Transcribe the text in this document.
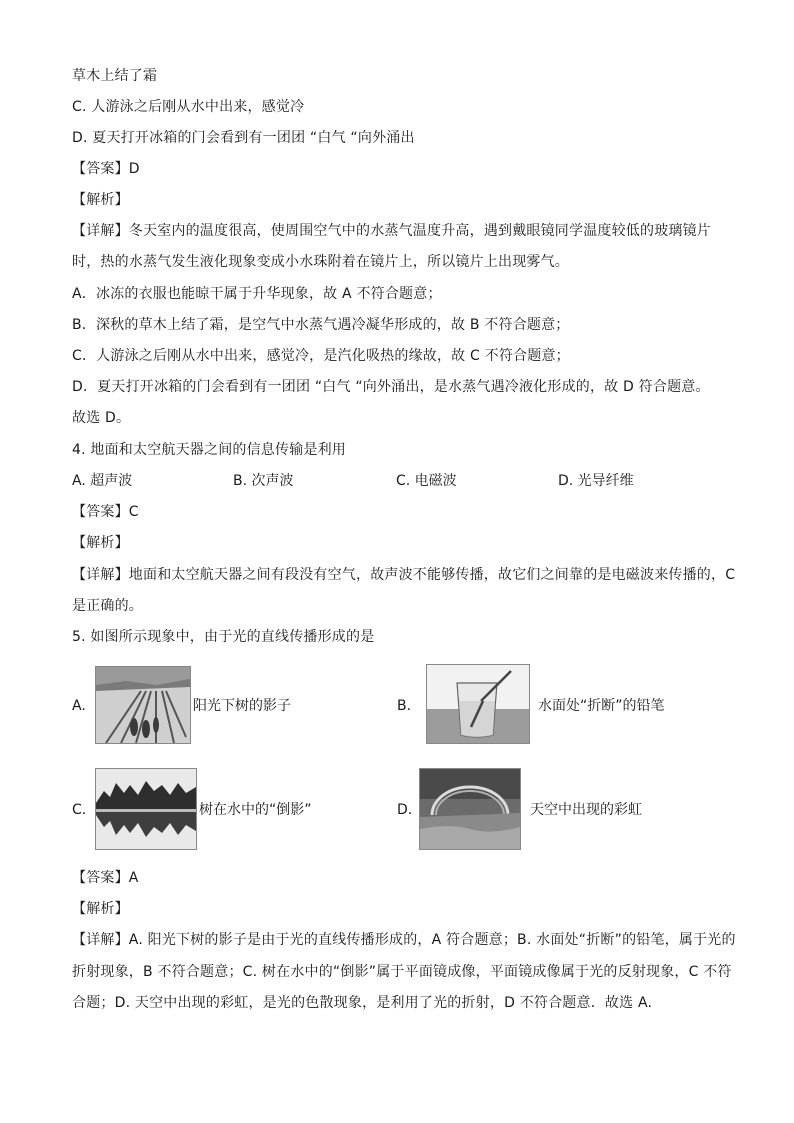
草木上结了霜
C. 人游泳之后刚从水中出来，感觉冷
D. 夏天打开冰箱的门会看到有一团团 “白气 “向外涌出
【答案】D
【解析】
【详解】冬天室内的温度很高，使周围空气中的水蒸气温度升高，遇到戴眼镜同学温度较低的玻璃镜片
时，热的水蒸气发生液化现象变成小水珠附着在镜片上，所以镜片上出现雾气。
A．冰冻的衣服也能晾干属于升华现象，故 A 不符合题意；
B．深秋的草木上结了霜，是空气中水蒸气遇冷凝华形成的，故 B 不符合题意；
C．人游泳之后刚从水中出来，感觉冷，是汽化吸热的缘故，故 C 不符合题意；
D．夏天打开冰箱的门会看到有一团团 “白气 “向外涌出，是水蒸气遇冷液化形成的，故 D 符合题意。
故选 D。
4. 地面和太空航天器之间的信息传输是利用
A. 超声波	B. 次声波	C. 电磁波	D. 光导纤维
【答案】C
【解析】
【详解】地面和太空航天器之间有段没有空气，故声波不能够传播，故它们之间靠的是电磁波来传播的，C
是正确的。
5. 如图所示现象中，由于光的直线传播形成的是
A.	阳光下树的影子	B.	水面处“折断”的铅笔
C.	树在水中的“倒影”	D.	天空中出现的彩虹
【答案】A
【解析】
【详解】A. 阳光下树的影子是由于光的直线传播形成的，A 符合题意；B. 水面处“折断”的铅笔，属于光的
折射现象，B 不符合题意；C. 树在水中的“倒影”属于平面镜成像，平面镜成像属于光的反射现象，C 不符
合题；D. 天空中出现的彩虹，是光的色散现象，是利用了光的折射，D 不符合题意．故选 A.
